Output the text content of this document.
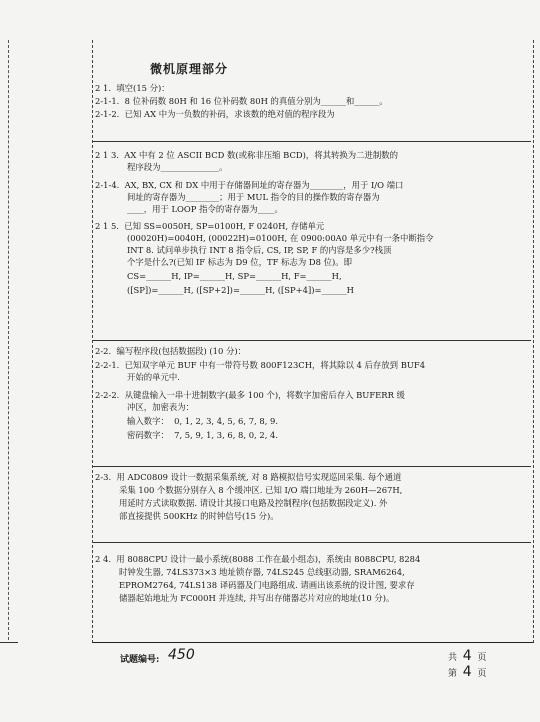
微机原理部分
2 1.  填空(15 分)：
2-1-1.  8 位补码数 80H 和 16 位补码数 80H 的真值分别为______和______。
2-1-2.  已知 AX 中为一负数的补码，求该数的绝对值的程序段为
2 1 3.  AX 中有 2 位 ASCII BCD 数(或称非压缩 BCD)，将其转换为二进制数的
程序段为______________。
2-1-4.  AX, BX, CX 和 DX 中用于存储器间址的寄存器为________，用于 I/O 端口
间址的寄存器为________；用于 MUL 指令的目的操作数的寄存器为
____，用于 LOOP 指令的寄存器为____。
2 1 5.  已知 SS=0050H, SP=0100H, F 0240H, 存储单元
(00020H)=0040H, (00022H)=0100H, 在 0900:00A0 单元中有一条中断指令
INT 8. 试问单步执行 INT 8 指令后, CS, IP, SP, F 的内容是多少?栈顶
个字是什么?(已知 IF 标志为 D9 位，TF 标志为 D8 位)。即
CS=______H, IP=______H, SP=______H, F=______H,
([SP])=______H, ([SP+2])=______H, ([SP+4])=______H
2-2.  编写程序段(包括数据段) (10 分)：
2-2-1.  已知双字单元 BUF 中有一带符号数 800F123CH，将其除以 4 后存放到 BUF4
开始的单元中.
2-2-2.  从键盘输入一串十进制数字(最多 100 个)，将数字加密后存入 BUFERR 缓
冲区，加密表为：
输入数字：  0, 1, 2, 3, 4, 5, 6, 7, 8, 9.
密码数字：  7, 5, 9, 1, 3, 6, 8, 0, 2, 4.
2-3.  用 ADC0809 设计一数据采集系统, 对 8 路模拟信号实现巡回采集. 每个通道
采集 100 个数据分别存入 8 个缓冲区. 已知 I/O 端口地址为 260H—267H,
用延时方式读取数据. 请设计其接口电路及控制程序(包括数据段定义). 外
部直接提供 500KHz 的时钟信号(15 分)。
2 4.  用 8088CPU 设计一最小系统(8088 工作在最小组态)，系统由 8088CPU, 8284
时钟发生器, 74LS373×3 地址锁存器, 74LS245 总线驱动器, SRAM6264,
EPROM2764, 74LS138 译码器及门电路组成. 请画出该系统的设计图, 要求存
储器起始地址为 FC000H 并连续, 并写出存储器芯片对应的地址(10 分)。
试题编号: 450	共 4 页
第 4 页
